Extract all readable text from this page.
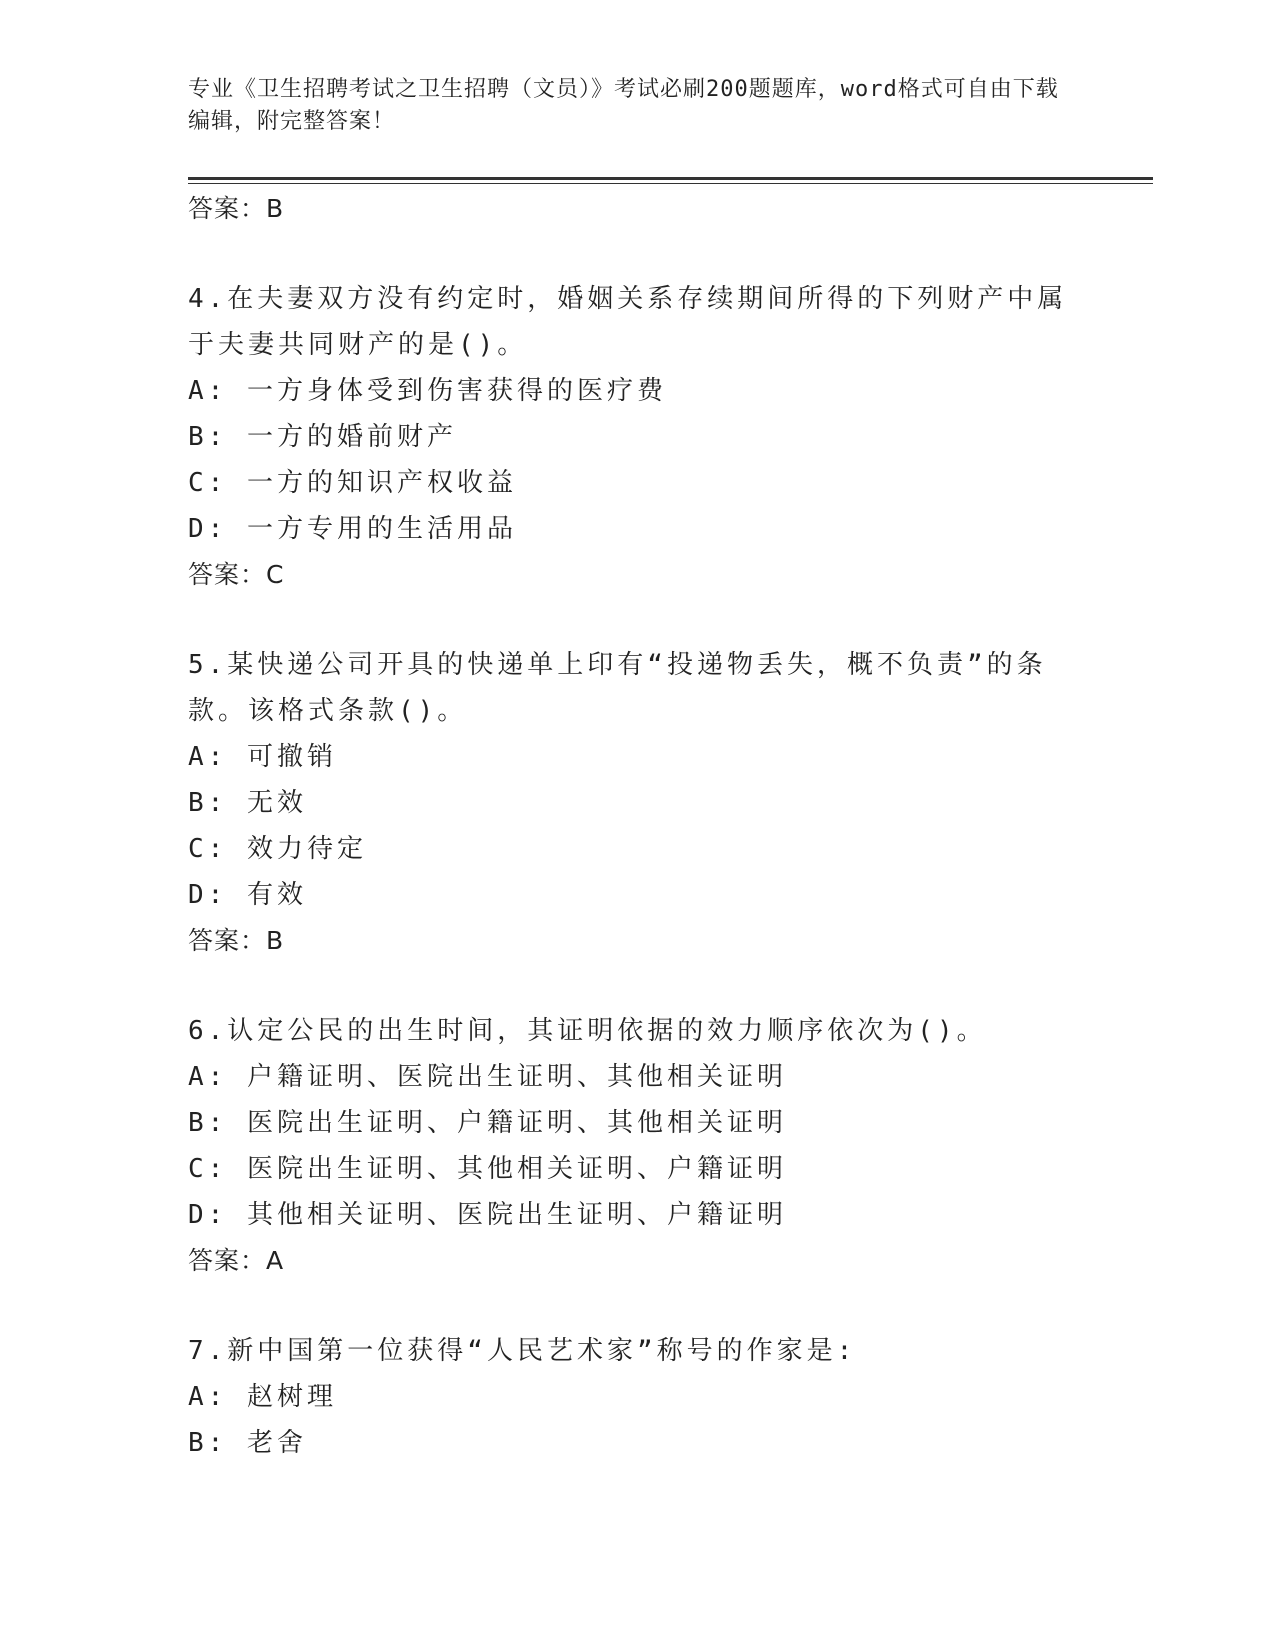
专业《卫生招聘考试之卫生招聘（文员）》考试必刷200题题库，word格式可自由下载编辑，附完整答案！
答案：B
4.在夫妻双方没有约定时，婚姻关系存续期间所得的下列财产中属于夫妻共同财产的是()。
A: 一方身体受到伤害获得的医疗费
B: 一方的婚前财产
C: 一方的知识产权收益
D: 一方专用的生活用品
答案：C
5.某快递公司开具的快递单上印有“投递物丢失，概不负责”的条款。该格式条款()。
A: 可撤销
B: 无效
C: 效力待定
D: 有效
答案：B
6.认定公民的出生时间，其证明依据的效力顺序依次为()。
A: 户籍证明、医院出生证明、其他相关证明
B: 医院出生证明、户籍证明、其他相关证明
C: 医院出生证明、其他相关证明、户籍证明
D: 其他相关证明、医院出生证明、户籍证明
答案：A
7.新中国第一位获得“人民艺术家”称号的作家是:
A: 赵树理
B: 老舍
